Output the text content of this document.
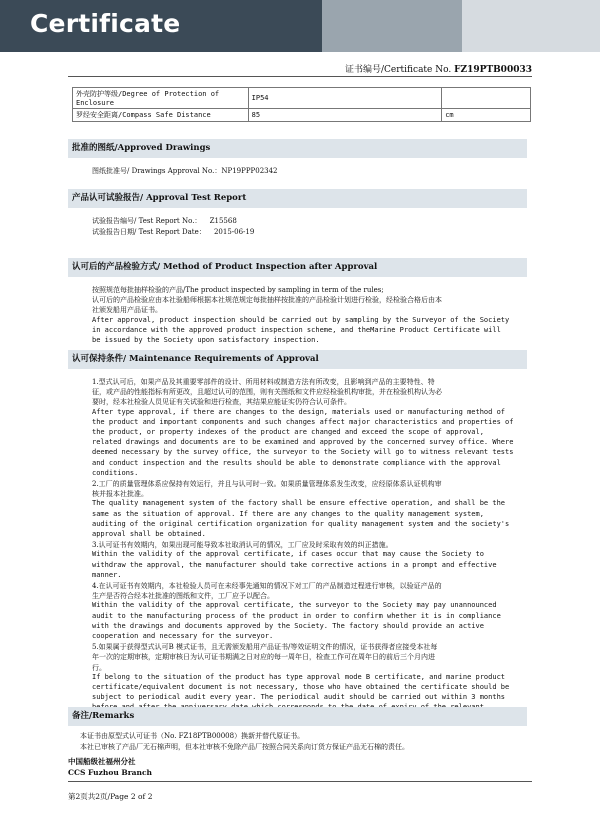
Certificate
证书编号/Certificate No. FZ19PTB00033
外壳防护等级/Degree of Protection of Enclosure	IP54	
罗经安全距离/Compass Safe Distance	85	cm
批准的图纸/Approved Drawings
图纸批准号/ Drawings Approval No.：NP19PPP02342
产品认可试验报告/ Approval Test Report
试验报告编号/ Test Report No.： Z15568
试验报告日期/ Test Report Date： 2015-06-19
认可后的产品检验方式/ Method of Product Inspection after Approval
按照规范每批抽样检验的产品/The product inspected by sampling in term of the rules;
认可后的产品检验应由本社验船师根据本社规范规定每批抽样按批准的产品检验计划进行检验，经检验合格后由本
社颁发船用产品证书。
After approval, product inspection should be carried out by sampling by the Surveyor of the Society
in accordance with the approved product inspection scheme, and theMarine Product Certificate will
be issued by the Society upon satisfactory inspection.
认可保持条件/ Maintenance Requirements of Approval
1.型式认可后，如果产品及其重要零部件的设计、所用材料或制造方法有所改变，且影响到产品的主要特性、特
征，或产品的性能指标有所更改，且超过认可的范围，则有关图纸和文件应经检验机构审批，并在检验机构认为必
要时，经本社检验人员见证有关试验和进行检查，其结果应能证实仍符合认可条件。
After type approval, if there are changes to the design, materials used or manufacturing method of
the product and important components and such changes affect major characteristics and properties of
the product, or property indexes of the product are changed and exceed the scope of approval,
related drawings and documents are to be examined and approved by the concerned survey office. Where
deemed necessary by the survey office, the surveyor to the Society will go to witness relevant tests
and conduct inspection and the results should be able to demonstrate compliance with the approval
conditions.
2.工厂的质量管理体系应保持有效运行，并且与认可时一致。如果质量管理体系发生改变，应经原体系认证机构审
核并报本社批准。
The quality management system of the factory shall be ensure effective operation, and shall be the
same as the situation of approval. If there are any changes to the quality management system,
auditing of the original certification organization for quality management system and the society's
approval shall be obtained.
3.认可证书有效期内，如果出现可能导致本社取消认可的情况，工厂应及时采取有效的纠正措施。
Within the validity of the approval certificate, if cases occur that may cause the Society to
withdraw the approval, the manufacturer should take corrective actions in a prompt and effective
manner.
4.在认可证书有效期内，本社检验人员可在未经事先通知的情况下对工厂的产品制造过程进行审核，以验证产品的
生产是否符合经本社批准的图纸和文件，工厂应予以配合。
Within the validity of the approval certificate, the surveyor to the Society may pay unannounced
audit to the manufacturing process of the product in order to confirm whether it is in compliance
with the drawings and documents approved by the Society. The factory should provide an active
cooperation and necessary for the surveyor.
5.如果属于获得型式认可B 模式证书，且无需颁发船用产品证书/等效证明文件的情况，证书获得者应接受本社每
年一次的定期审核，定期审核日为认可证书期满之日对应的每一周年日，检查工作可在周年日的前后三个月内进
行。
If belong to the situation of the product has type approval mode B certificate, and marine product
certificate/equivalent document is not necessary, those who have obtained the certificate should be
subject to periodical audit every year. The periodical audit should be carried out within 3 months
备注/Remarks
本证书由原型式认可证书（No. FZ18PTB00008）换新并替代原证书。
本社已审核了产品厂无石棉声明，但本社审核不免除产品厂按照合同关系向订货方保证产品无石棉的责任。
中国船级社福州分社
CCS Fuzhou Branch
第2页共2页/Page 2 of 2
